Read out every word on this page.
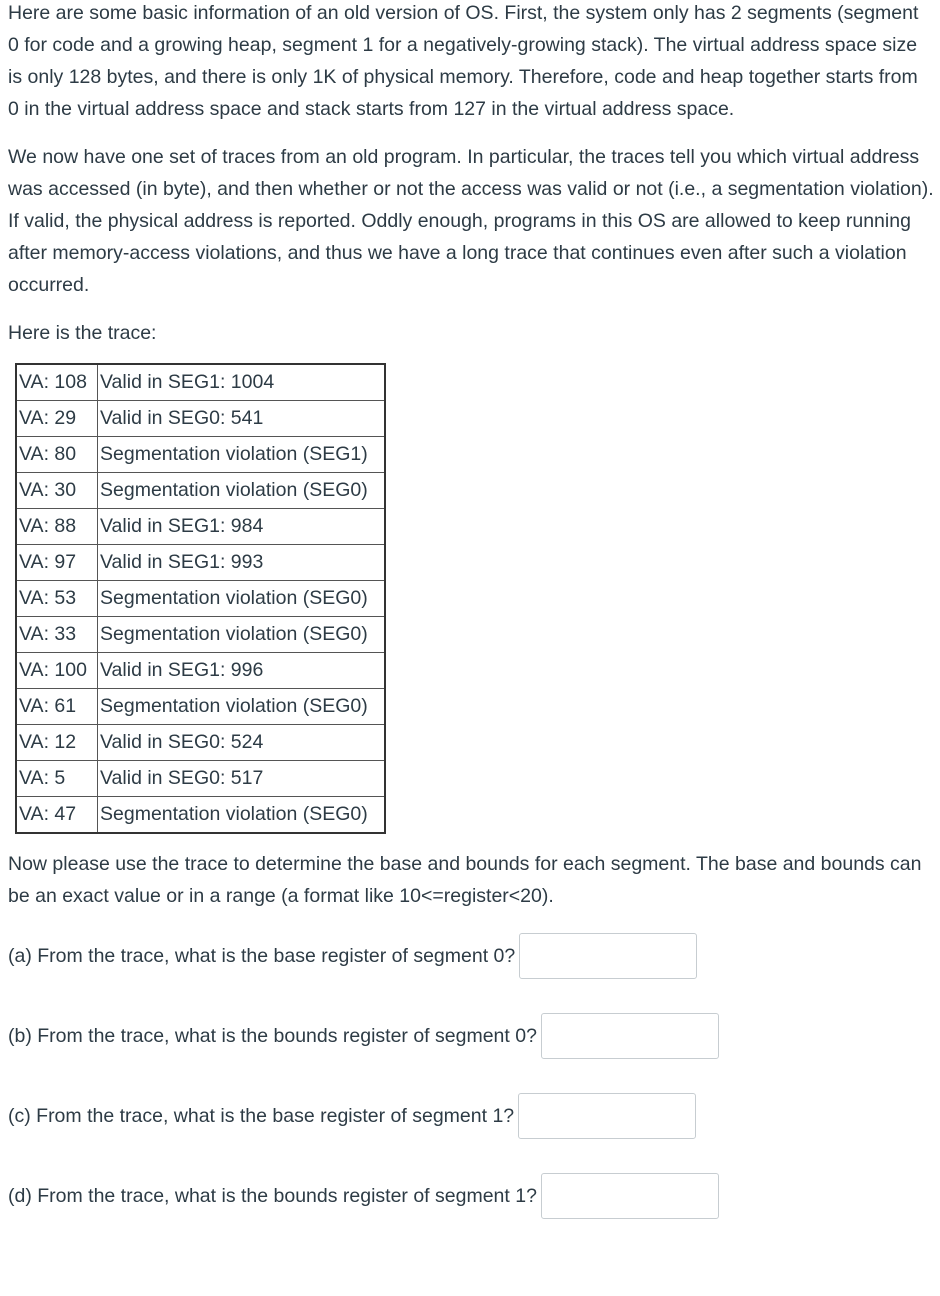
Here are some basic information of an old version of OS. First, the system only has 2 segments (segment 0 for code and a growing heap, segment 1 for a negatively-growing stack). The virtual address space size is only 128 bytes, and there is only 1K of physical memory. Therefore, code and heap together starts from 0 in the virtual address space and stack starts from 127 in the virtual address space.

We now have one set of traces from an old program. In particular, the traces tell you which virtual address was accessed (in byte), and then whether or not the access was valid or not (i.e., a segmentation violation). If valid, the physical address is reported. Oddly enough, programs in this OS are allowed to keep running after memory-access violations, and thus we have a long trace that continues even after such a violation occurred.

Here is the trace:

VA: 108	Valid in SEG1: 1004
VA: 29	Valid in SEG0: 541
VA: 80	Segmentation violation (SEG1)
VA: 30	Segmentation violation (SEG0)
VA: 88	Valid in SEG1: 984
VA: 97	Valid in SEG1: 993
VA: 53	Segmentation violation (SEG0)
VA: 33	Segmentation violation (SEG0)
VA: 100	Valid in SEG1: 996
VA: 61	Segmentation violation (SEG0)
VA: 12	Valid in SEG0: 524
VA: 5	Valid in SEG0: 517
VA: 47	Segmentation violation (SEG0)

Now please use the trace to determine the base and bounds for each segment. The base and bounds can be an exact value or in a range (a format like 10<=register<20).

(a) From the trace, what is the base register of segment 0?
(b) From the trace, what is the bounds register of segment 0?
(c) From the trace, what is the base register of segment 1?
(d) From the trace, what is the bounds register of segment 1?
